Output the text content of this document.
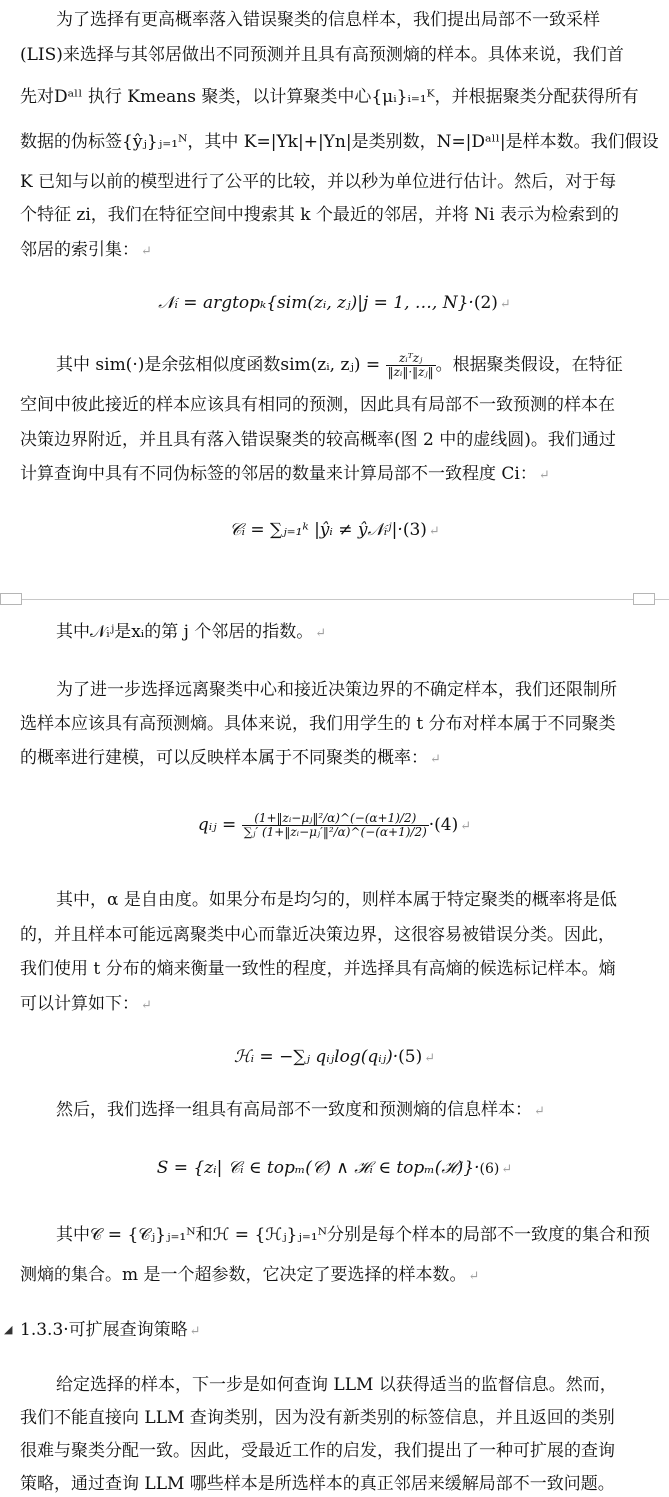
为了选择有更高概率落入错误聚类的信息样本，我们提出局部不一致采样
(LIS)来选择与其邻居做出不同预测并且具有高预测熵的样本。具体来说，我们首
先对Dᵃˡˡ 执行 Kmeans 聚类，以计算聚类中心{μᵢ}ᵢ₌₁ᴷ，并根据聚类分配获得所有
数据的伪标签{ŷⱼ}ⱼ₌₁ᴺ，其中 K=|Yk|+|Yn|是类别数，N=|Dᵃˡˡ|是样本数。我们假设
K 已知与以前的模型进行了公平的比较，并以秒为单位进行估计。然后，对于每
个特征 zi，我们在特征空间中搜索其 k 个最近的邻居，并将 Ni 表示为检索到的
邻居的索引集： ↵
𝒩ᵢ = argtopₖ{sim(zᵢ, zⱼ)|j = 1, …, N}·(2) ↵
其中 sim(·)是余弦相似度函数sim(zᵢ, zⱼ) = $\frac{\text{zᵢᵀzⱼ}}{\text{‖zᵢ‖·‖zⱼ‖}}$ 。根据聚类假设，在特征
空间中彼此接近的样本应该具有相同的预测，因此具有局部不一致预测的样本在
决策边界附近，并且具有落入错误聚类的较高概率(图 2 中的虚线圆)。我们通过
计算查询中具有不同伪标签的邻居的数量来计算局部不一致程度 Ci： ↵
𝒞ᵢ = ∑ⱼ₌₁ᵏ |ŷᵢ ≠ ŷ𝒩ᵢʲ|·(3) ↵
其中𝒩ᵢʲ是xᵢ的第 j 个邻居的指数。 ↵
为了进一步选择远离聚类中心和接近决策边界的不确定样本，我们还限制所
选样本应该具有高预测熵。具体来说，我们用学生的 t 分布对样本属于不同聚类
的概率进行建模，可以反映样本属于不同聚类的概率： ↵
qᵢⱼ = $\frac{\text{(1+‖zᵢ−μⱼ‖²/α)\textasciicircum{}(−(α+1)/2)}}{\text{∑ⱼ′ (1+‖zᵢ−μⱼ′‖²/α)\textasciicircum{}(−(α+1)/2)}} \cdot(4)$ ↵
其中，α 是自由度。如果分布是均匀的，则样本属于特定聚类的概率将是低
的，并且样本可能远离聚类中心而靠近决策边界，这很容易被错误分类。因此，
我们使用 t 分布的熵来衡量一致性的程度，并选择具有高熵的候选标记样本。熵
可以计算如下： ↵
ℋᵢ = −∑ⱼ qᵢⱼlog(qᵢⱼ)·(5) ↵
然后，我们选择一组具有高局部不一致度和预测熵的信息样本： ↵
S = {zᵢ| 𝒞ᵢ ∈ topₘ(𝒞) ∧ ℋᵢ ∈ topₘ(ℋ)}·(6) ↵
其中𝒞 = {𝒞ⱼ}ⱼ₌₁ᴺ和ℋ = {ℋⱼ}ⱼ₌₁ᴺ分别是每个样本的局部不一致度的集合和预
测熵的集合。m 是一个超参数，它决定了要选择的样本数。 ↵
◢ 1.3.3·可扩展查询策略 ↵
给定选择的样本，下一步是如何查询 LLM 以获得适当的监督信息。然而，
我们不能直接向 LLM 查询类别，因为没有新类别的标签信息，并且返回的类别
很难与聚类分配一致。因此，受最近工作的启发，我们提出了一种可扩展的查询
策略，通过查询 LLM 哪些样本是所选样本的真正邻居来缓解局部不一致问题。
